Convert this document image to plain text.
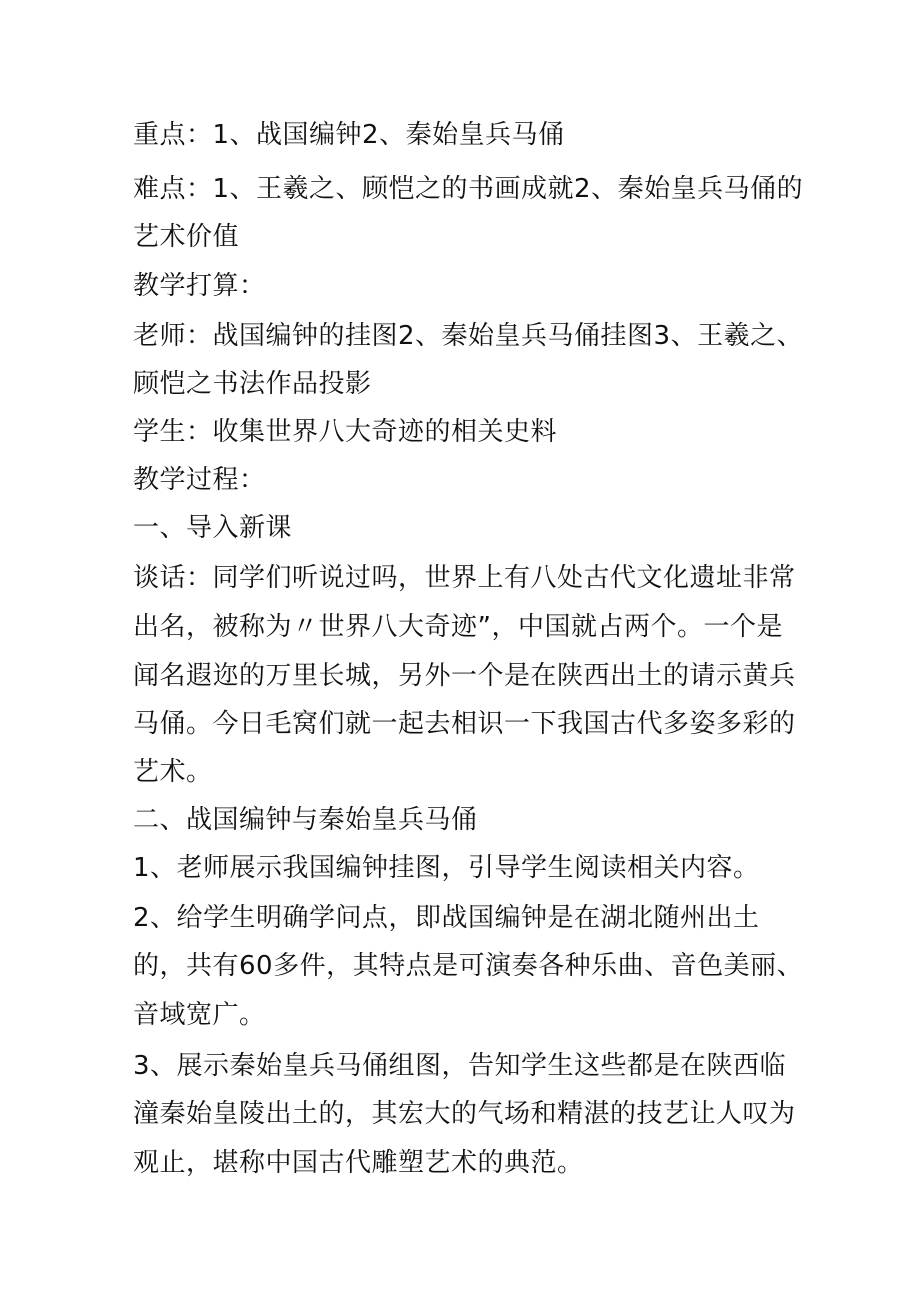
重点：1、战国编钟2、秦始皇兵马俑

难点：1、王羲之、顾恺之的书画成就2、秦始皇兵马俑的

艺术价值

教学打算：

老师：战国编钟的挂图2、秦始皇兵马俑挂图3、王羲之、

顾恺之书法作品投影

学生：收集世界八大奇迹的相关史料

教学过程：

一、导入新课

谈话：同学们听说过吗，世界上有八处古代文化遗址非常

出名，被称为〃世界八大奇迹”，中国就占两个。一个是

闻名遐迩的万里长城，另外一个是在陕西出土的请示黄兵

马俑。今日毛窝们就一起去相识一下我国古代多姿多彩的

艺术。

二、战国编钟与秦始皇兵马俑

1、老师展示我国编钟挂图，引导学生阅读相关内容。

2、给学生明确学问点，即战国编钟是在湖北随州出土

的，共有60多件，其特点是可演奏各种乐曲、音色美丽、

音域宽广。

3、展示秦始皇兵马俑组图，告知学生这些都是在陕西临

潼秦始皇陵出土的，其宏大的气场和精湛的技艺让人叹为

观止，堪称中国古代雕塑艺术的典范。
